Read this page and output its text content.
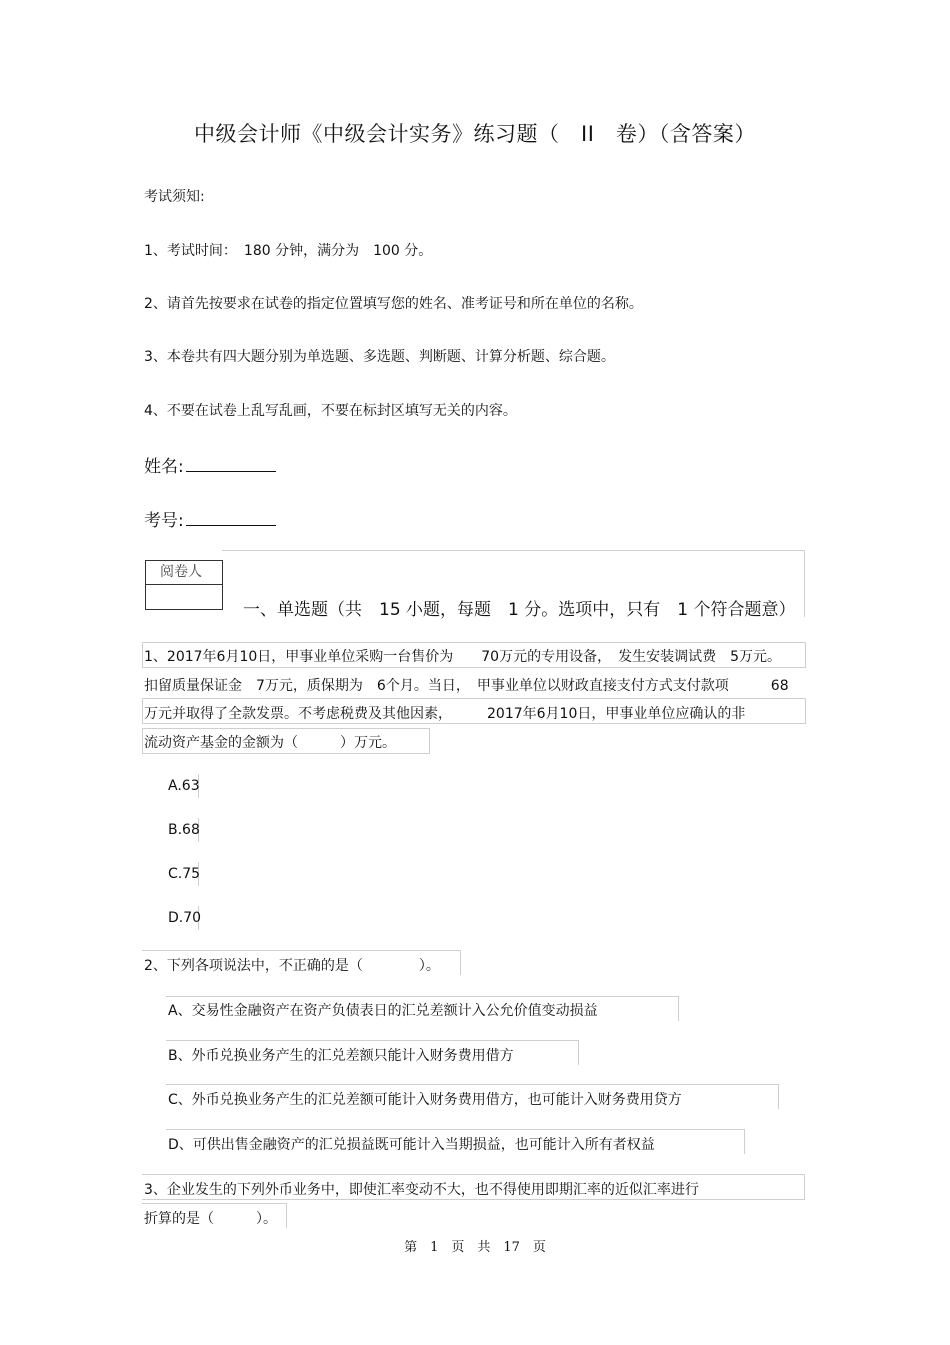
中级会计师《中级会计实务》练习题（　II　卷）（含答案）
考试须知:
1、考试时间：　180 分钟，满分为　100 分。
2、请首先按要求在试卷的指定位置填写您的姓名、准考证号和所在单位的名称。
3、本卷共有四大题分别为单选题、多选题、判断题、计算分析题、综合题。
4、不要在试卷上乱写乱画，不要在标封区填写无关的内容。
姓名:
考号:
阅卷人
一、单选题（共　15 小题，每题　1 分。选项中，只有　1 个符合题意）
1、2017年6月10日，甲事业单位采购一台售价为　　70万元的专用设备，　发生安装调试费　5万元。
扣留质量保证金　7万元，质保期为　6个月。当日，　甲事业单位以财政直接支付方式支付款项　　　68
万元并取得了全款发票。不考虑税费及其他因素，　　　2017年6月10日，甲事业单位应确认的非
流动资产基金的金额为（　　　）万元。
A.63
B.68
C.75
D.70
2、下列各项说法中，不正确的是（　　　　）。
A、交易性金融资产在资产负债表日的汇兑差额计入公允价值变动损益
B、外币兑换业务产生的汇兑差额只能计入财务费用借方
C、外币兑换业务产生的汇兑差额可能计入财务费用借方，也可能计入财务费用贷方
D、可供出售金融资产的汇兑损益既可能计入当期损益，也可能计入所有者权益
3、企业发生的下列外币业务中，即使汇率变动不大，也不得使用即期汇率的近似汇率进行
折算的是（　　　）。
第　1　页　共　17　页
